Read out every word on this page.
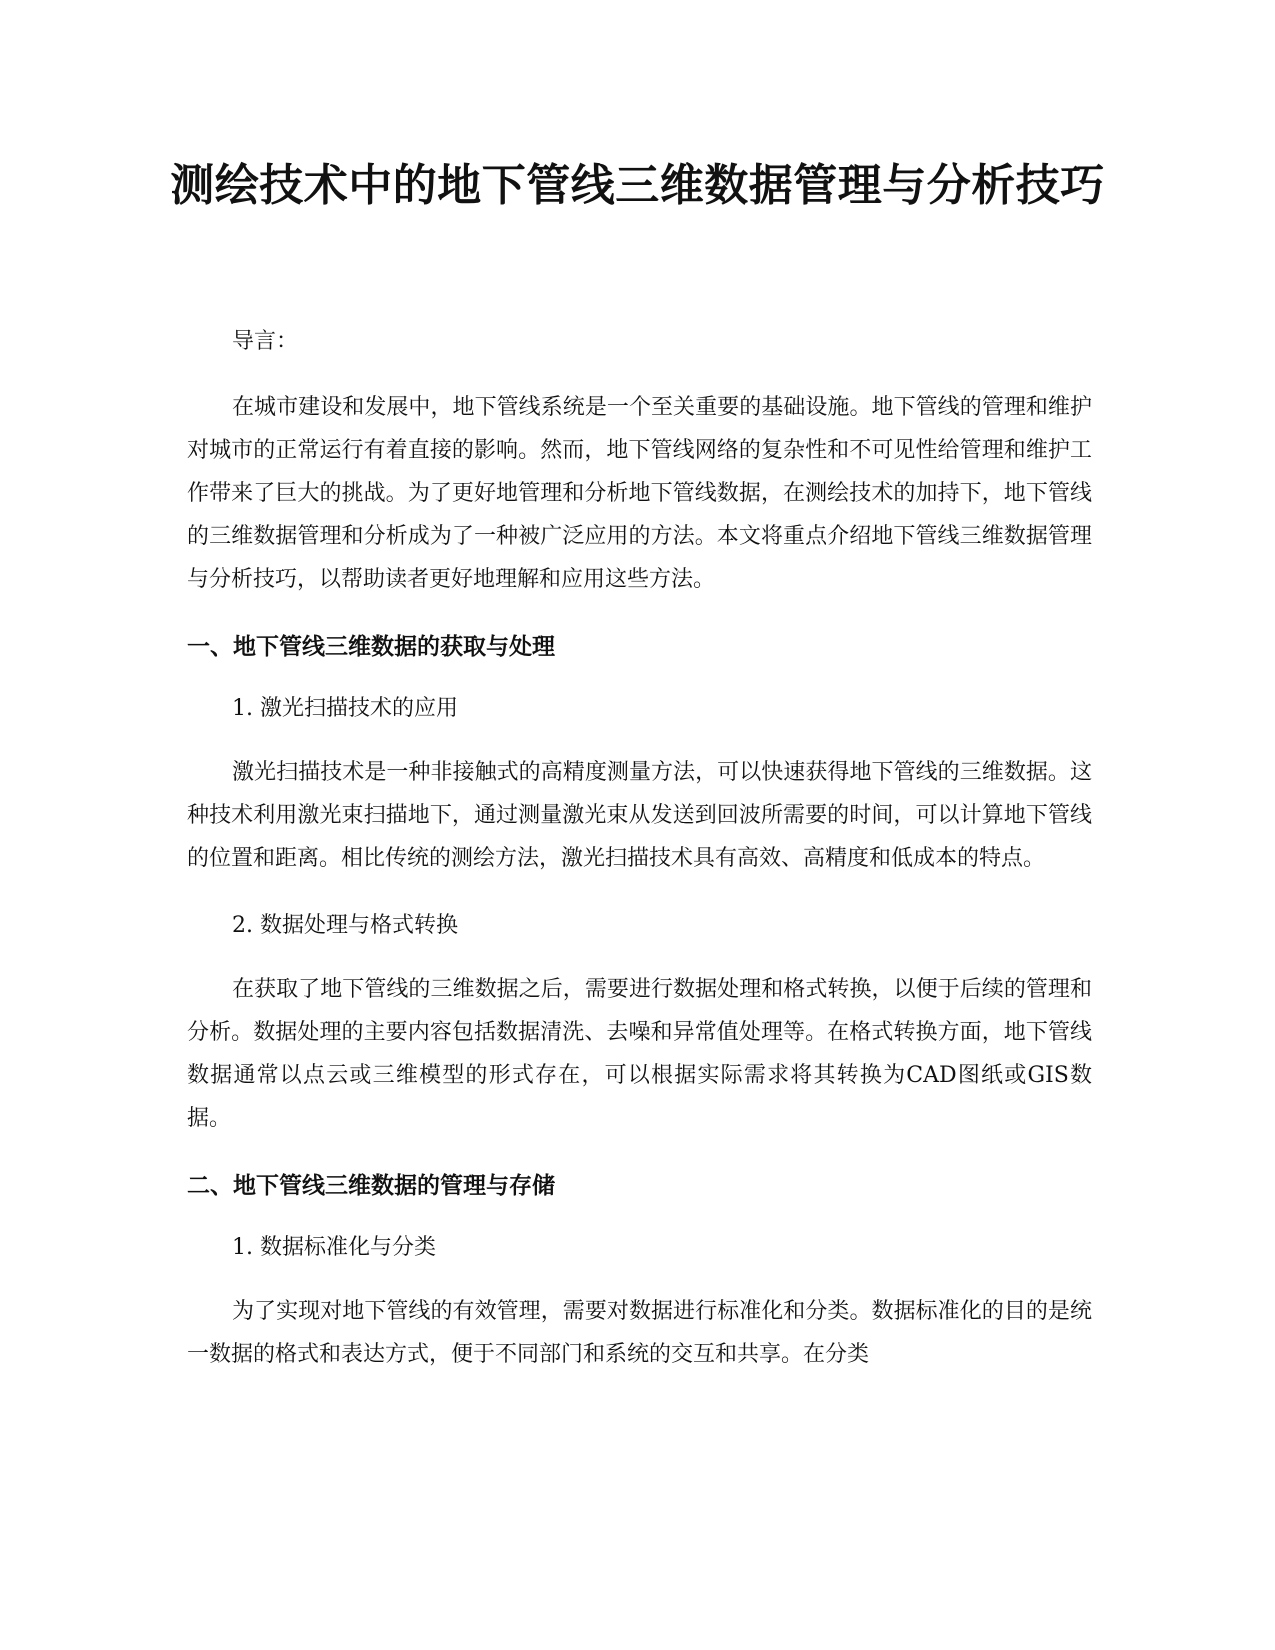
测绘技术中的地下管线三维数据管理与分析技巧

导言：

在城市建设和发展中，地下管线系统是一个至关重要的基础设施。地下管线的管理和维护对城市的正常运行有着直接的影响。然而，地下管线网络的复杂性和不可见性给管理和维护工作带来了巨大的挑战。为了更好地管理和分析地下管线数据，在测绘技术的加持下，地下管线的三维数据管理和分析成为了一种被广泛应用的方法。本文将重点介绍地下管线三维数据管理与分析技巧，以帮助读者更好地理解和应用这些方法。

一、地下管线三维数据的获取与处理

1. 激光扫描技术的应用

激光扫描技术是一种非接触式的高精度测量方法，可以快速获得地下管线的三维数据。这种技术利用激光束扫描地下，通过测量激光束从发送到回波所需要的时间，可以计算地下管线的位置和距离。相比传统的测绘方法，激光扫描技术具有高效、高精度和低成本的特点。

2. 数据处理与格式转换

在获取了地下管线的三维数据之后，需要进行数据处理和格式转换，以便于后续的管理和分析。数据处理的主要内容包括数据清洗、去噪和异常值处理等。在格式转换方面，地下管线数据通常以点云或三维模型的形式存在，可以根据实际需求将其转换为CAD图纸或GIS数据。

二、地下管线三维数据的管理与存储

1. 数据标准化与分类

为了实现对地下管线的有效管理，需要对数据进行标准化和分类。数据标准化的目的是统一数据的格式和表达方式，便于不同部门和系统的交互和共享。在分类
